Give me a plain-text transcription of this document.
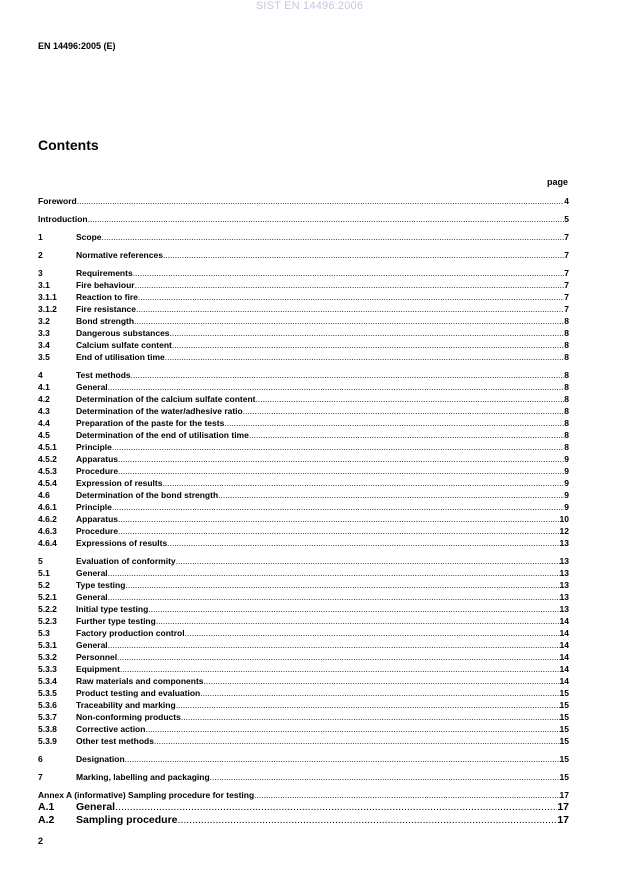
SIST EN 14496:2006
EN 14496:2005 (E)
Contents
page
Foreword .....	4
Introduction .....	5
1	Scope .....	7
2	Normative references .....	7
3	Requirements .....	7
3.1	Fire behaviour .....	7
3.1.1	Reaction to fire .....	7
3.1.2	Fire resistance .....	7
3.2	Bond strength .....	8
3.3	Dangerous substances .....	8
3.4	Calcium sulfate content .....	8
3.5	End of utilisation time .....	8
4	Test methods .....	8
4.1	General .....	8
4.2	Determination of the calcium sulfate content .....	8
4.3	Determination of the water/adhesive ratio .....	8
4.4	Preparation of the paste for the tests .....	8
4.5	Determination of the end of utilisation time .....	8
4.5.1	Principle .....	8
4.5.2	Apparatus .....	9
4.5.3	Procedure .....	9
4.5.4	Expression of results .....	9
4.6	Determination of the bond strength .....	9
4.6.1	Principle .....	9
4.6.2	Apparatus .....	10
4.6.3	Procedure .....	12
4.6.4	Expressions of results .....	13
5	Evaluation of conformity .....	13
5.1	General .....	13
5.2	Type testing .....	13
5.2.1	General .....	13
5.2.2	Initial type testing .....	13
5.2.3	Further type testing .....	14
5.3	Factory production control .....	14
5.3.1	General .....	14
5.3.2	Personnel .....	14
5.3.3	Equipment .....	14
5.3.4	Raw materials and components .....	14
5.3.5	Product testing and evaluation .....	15
5.3.6	Traceability and marking .....	15
5.3.7	Non-conforming products .....	15
5.3.8	Corrective action .....	15
5.3.9	Other test methods .....	15
6	Designation .....	15
7	Marking, labelling and packaging .....	15
Annex A (informative) Sampling procedure for testing .....	17
A.1	General .....	17
A.2	Sampling procedure .....	17
2
